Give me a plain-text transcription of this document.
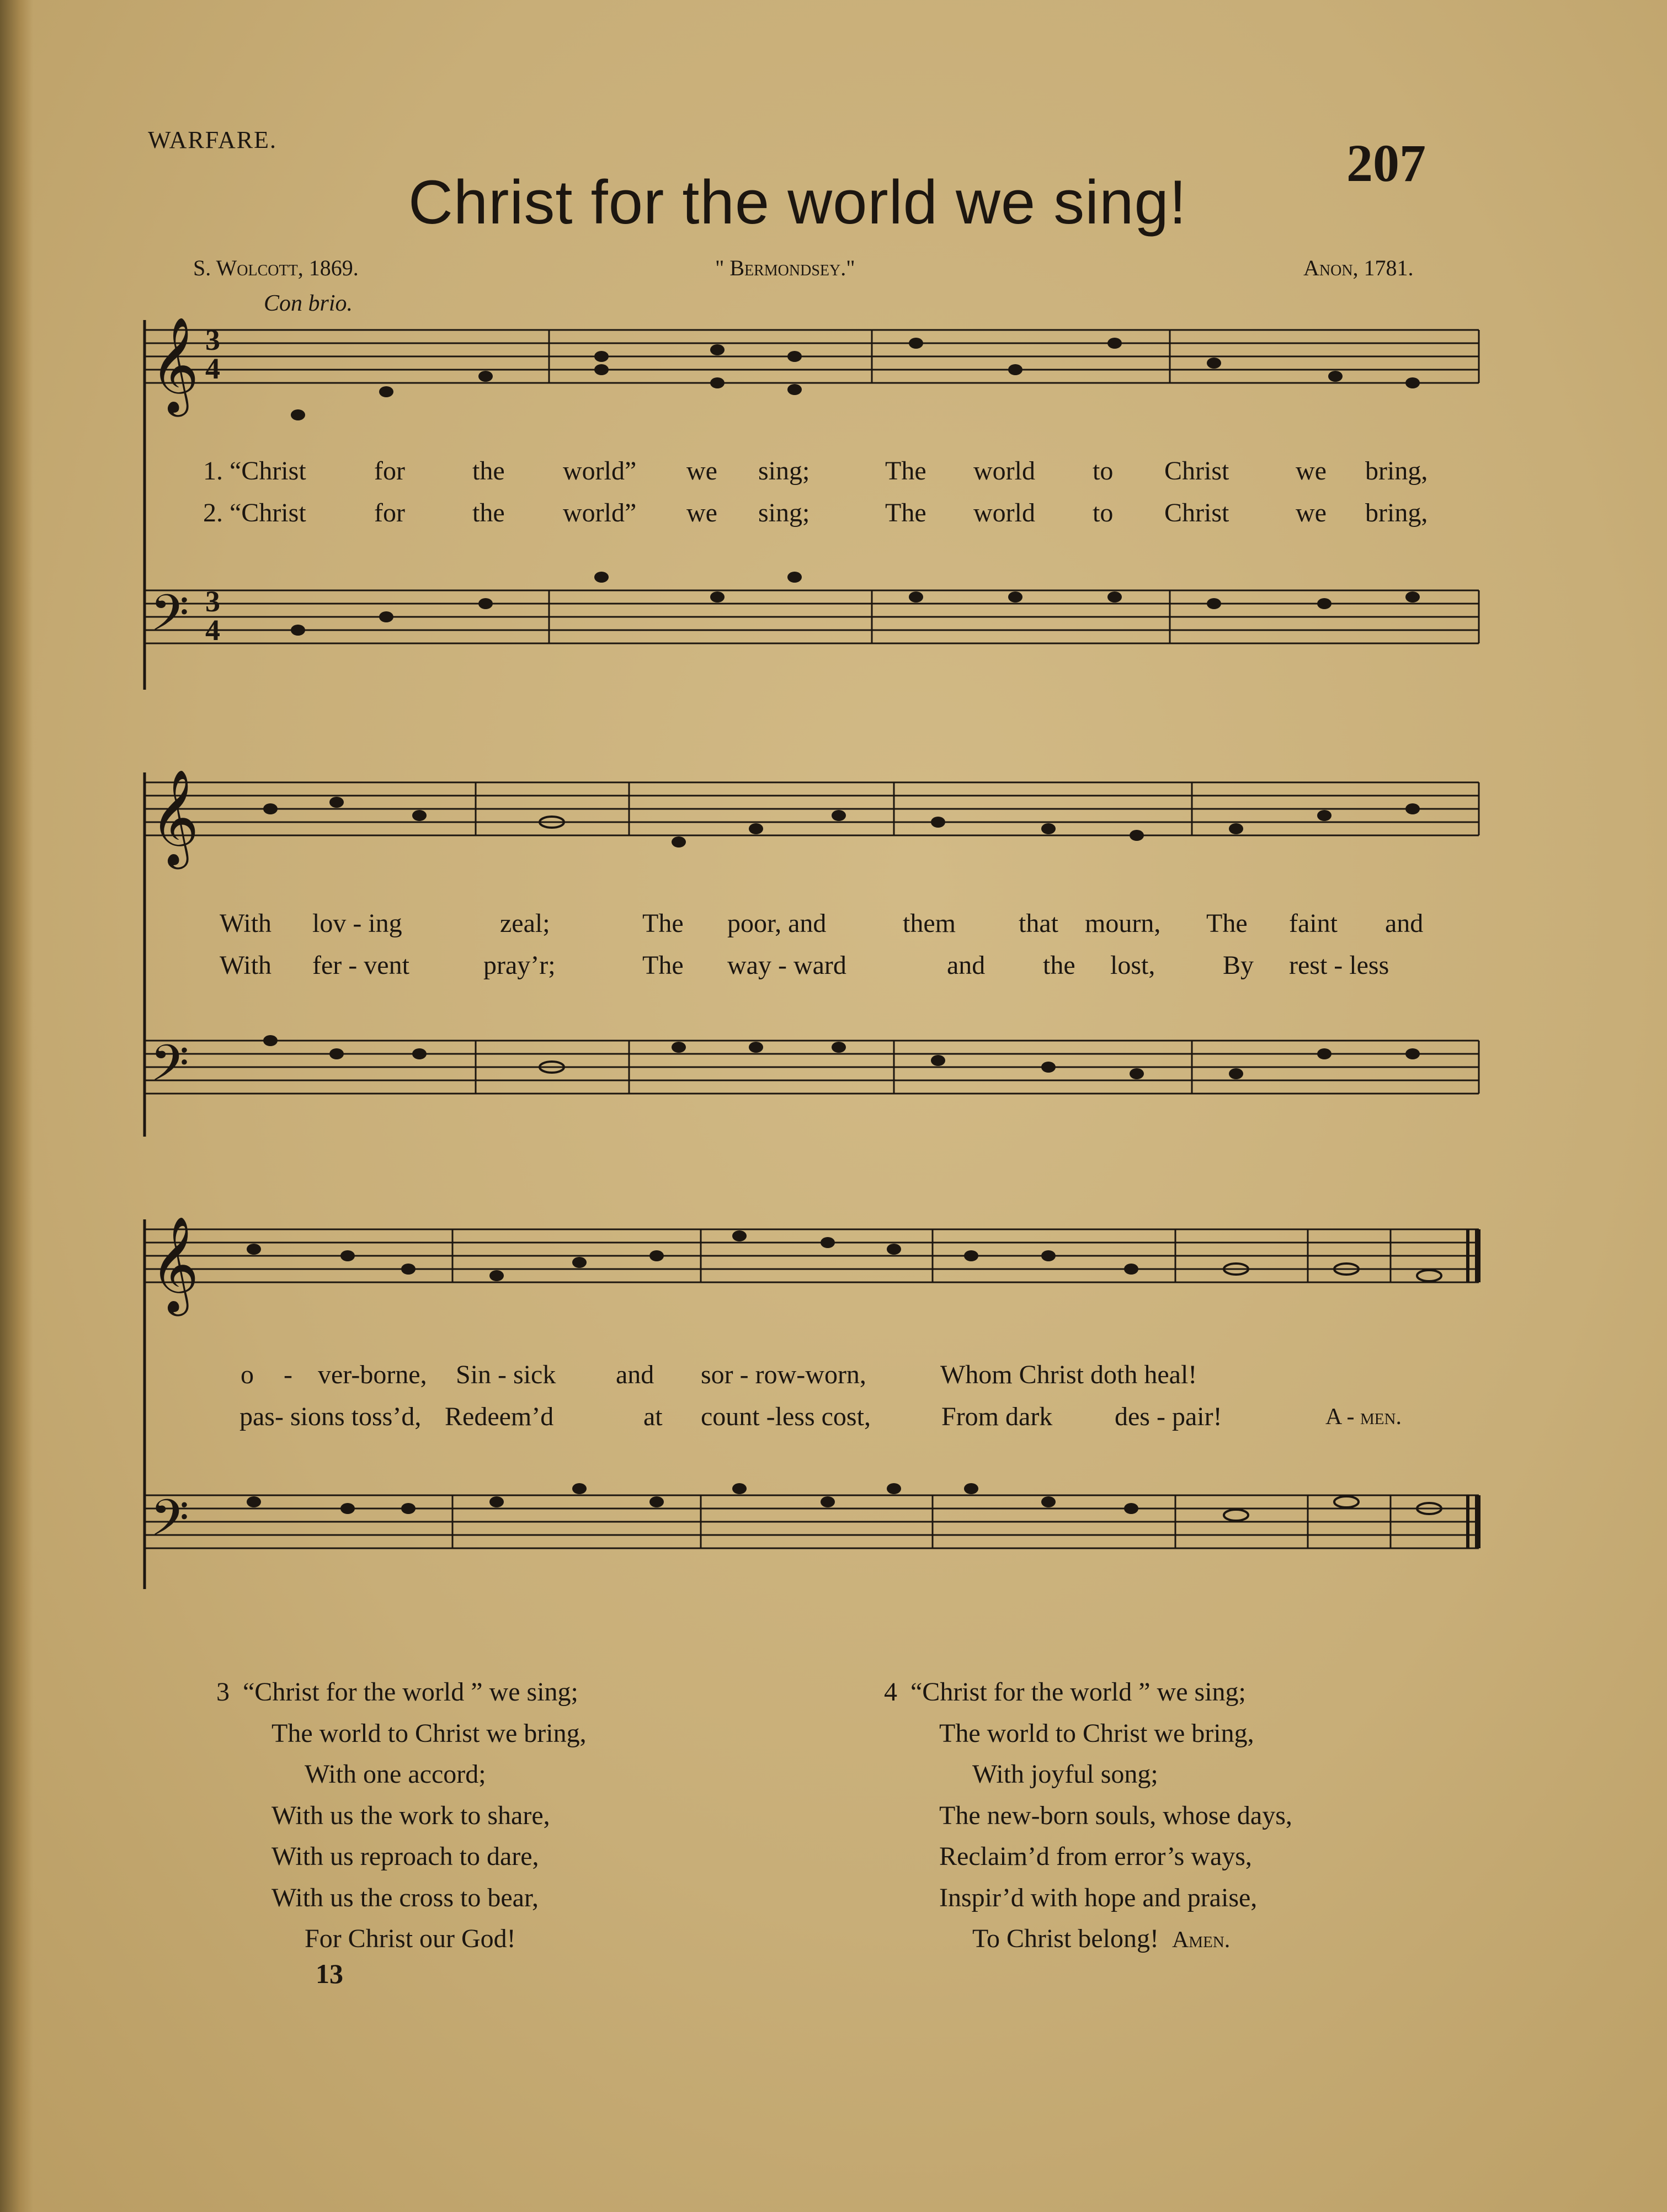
WARFARE.	207
Christ for the world we sing!
S. Wolcott, 1869.	" Bermondsey."	Anon, 1781.
Con brio.
𝄞
𝄢
𝄞
𝄢
𝄞
𝄢
3
4
3
4
1. “Christ	for	the world” we sing;	The world to Christ	we bring,
2. “Christ	for	the world” we sing;	The world to Christ	we bring,
With lov - ing	zeal;	The poor, and	them that mourn, The faint and
With fer - vent	pray’r;	The way - ward	and the lost,	By rest - less
o - ver-borne, Sin - sick and sor - row-worn,	Whom Christ doth heal!
pas- sions toss’d, Redeem’d	at count -less cost,	From dark des - pair!	A - men.
3 “Christ for the world ” we sing;
The world to Christ we bring,
With one accord;
With us the work to share,
With us reproach to dare,
With us the cross to bear,
For Christ our God!
4 “Christ for the world ” we sing;
The world to Christ we bring,
With joyful song;
The new-born souls, whose days,
Reclaim’d from error’s ways,
Inspir’d with hope and praise,
To Christ belong! Amen.
13
